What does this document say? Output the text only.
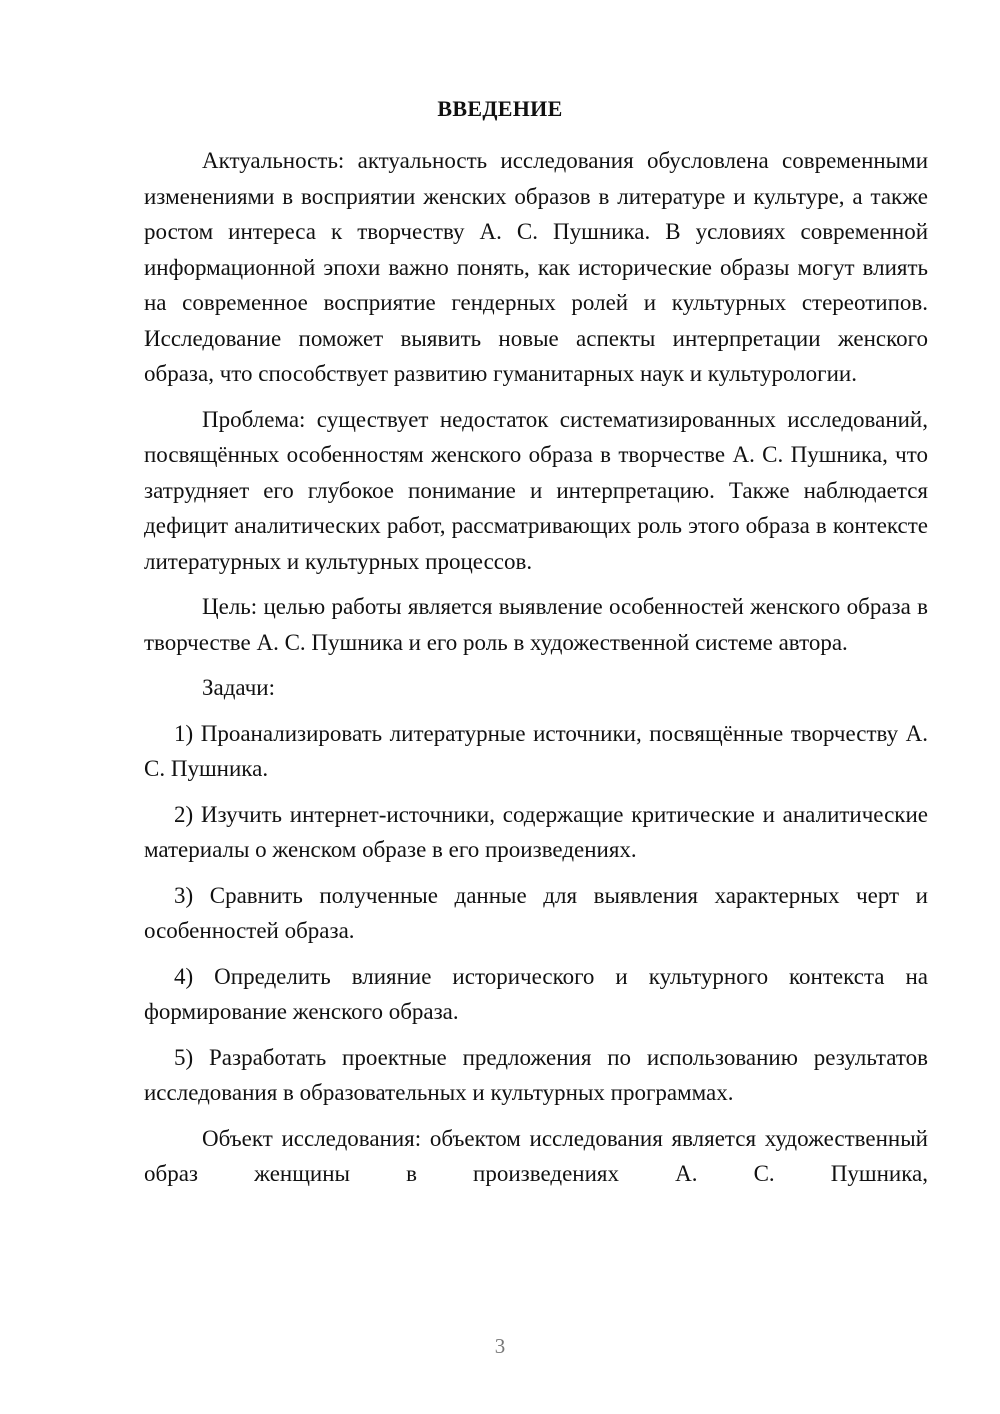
ВВЕДЕНИЕ

Актуальность: актуальность исследования обусловлена современными изменениями в восприятии женских образов в литературе и культуре, а также ростом интереса к творчеству А. С. Пушника. В условиях современной информационной эпохи важно понять, как исторические образы могут влиять на современное восприятие гендерных ролей и культурных стереотипов. Исследование поможет выявить новые аспекты интерпретации женского образа, что способствует развитию гуманитарных наук и культурологии.

Проблема: существует недостаток систематизированных исследований, посвящённых особенностям женского образа в творчестве А. С. Пушника, что затрудняет его глубокое понимание и интерпретацию. Также наблюдается дефицит аналитических работ, рассматривающих роль этого образа в контексте литературных и культурных процессов.

Цель: целью работы является выявление особенностей женского образа в творчестве А. С. Пушника и его роль в художественной системе автора.

Задачи:

1) Проанализировать литературные источники, посвящённые творчеству А. С. Пушника.

2) Изучить интернет-источники, содержащие критические и аналитические материалы о женском образе в его произведениях.

3) Сравнить полученные данные для выявления характерных черт и особенностей образа.

4) Определить влияние исторического и культурного контекста на формирование женского образа.

5) Разработать проектные предложения по использованию результатов исследования в образовательных и культурных программах.

Объект исследования: объектом исследования является художественный образ женщины в произведениях А. С. Пушника,

3
